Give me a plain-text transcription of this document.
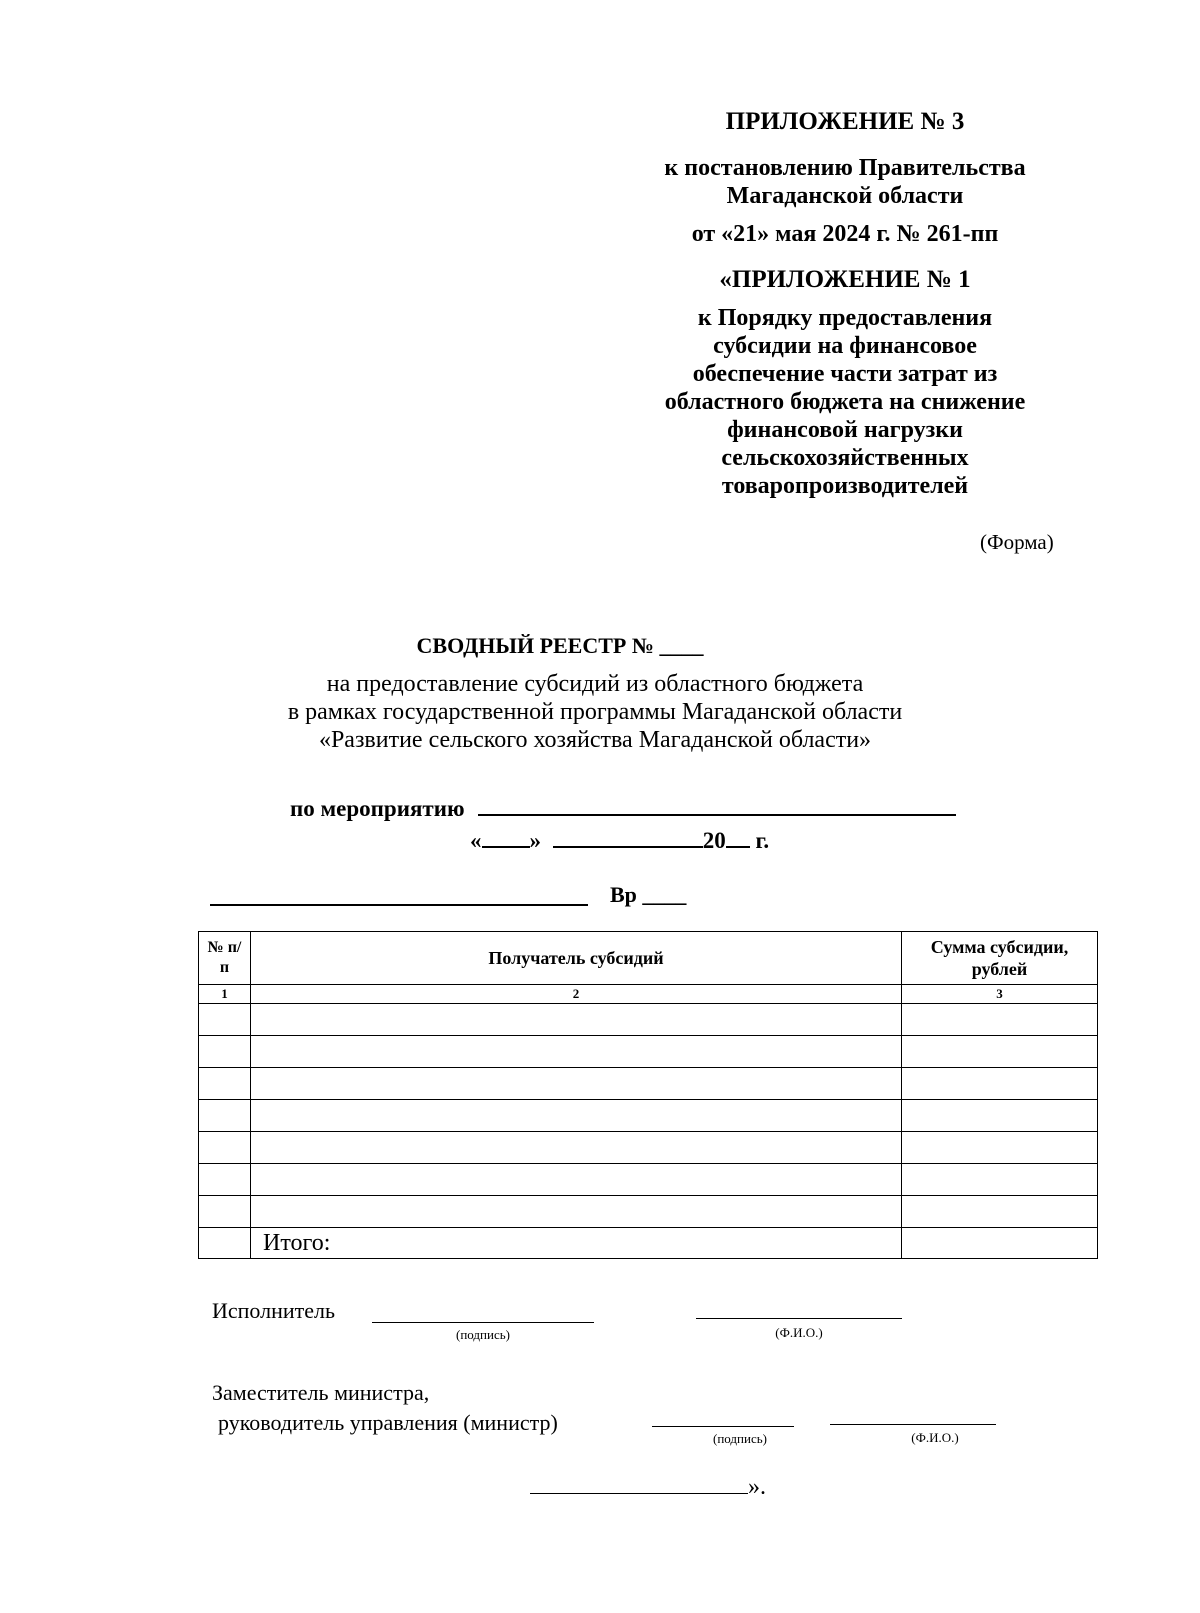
ПРИЛОЖЕНИЕ № 3
к постановлению Правительства
Магаданской области
от «21» мая 2024 г. № 261-пп
«ПРИЛОЖЕНИЕ № 1
к Порядку предоставления
субсидии на финансовое
обеспечение части затрат из
областного бюджета на снижение
финансовой нагрузки
сельскохозяйственных
товаропроизводителей
(Форма)
СВОДНЫЙ РЕЕСТР № ____
на предоставление субсидий из областного бюджета
в рамках государственной программы Магаданской области
«Развитие сельского хозяйства Магаданской области»
по мероприятию
« »	20 г.
Вр ____
№ п/п	Получатель субсидий	Сумма субсидии, рублей
1	2	3

	Итого:	
Исполнитель
(подпись)	(Ф.И.О.)
Заместитель министра,
руководитель управления (министр)
(подпись)	(Ф.И.О.)
».
